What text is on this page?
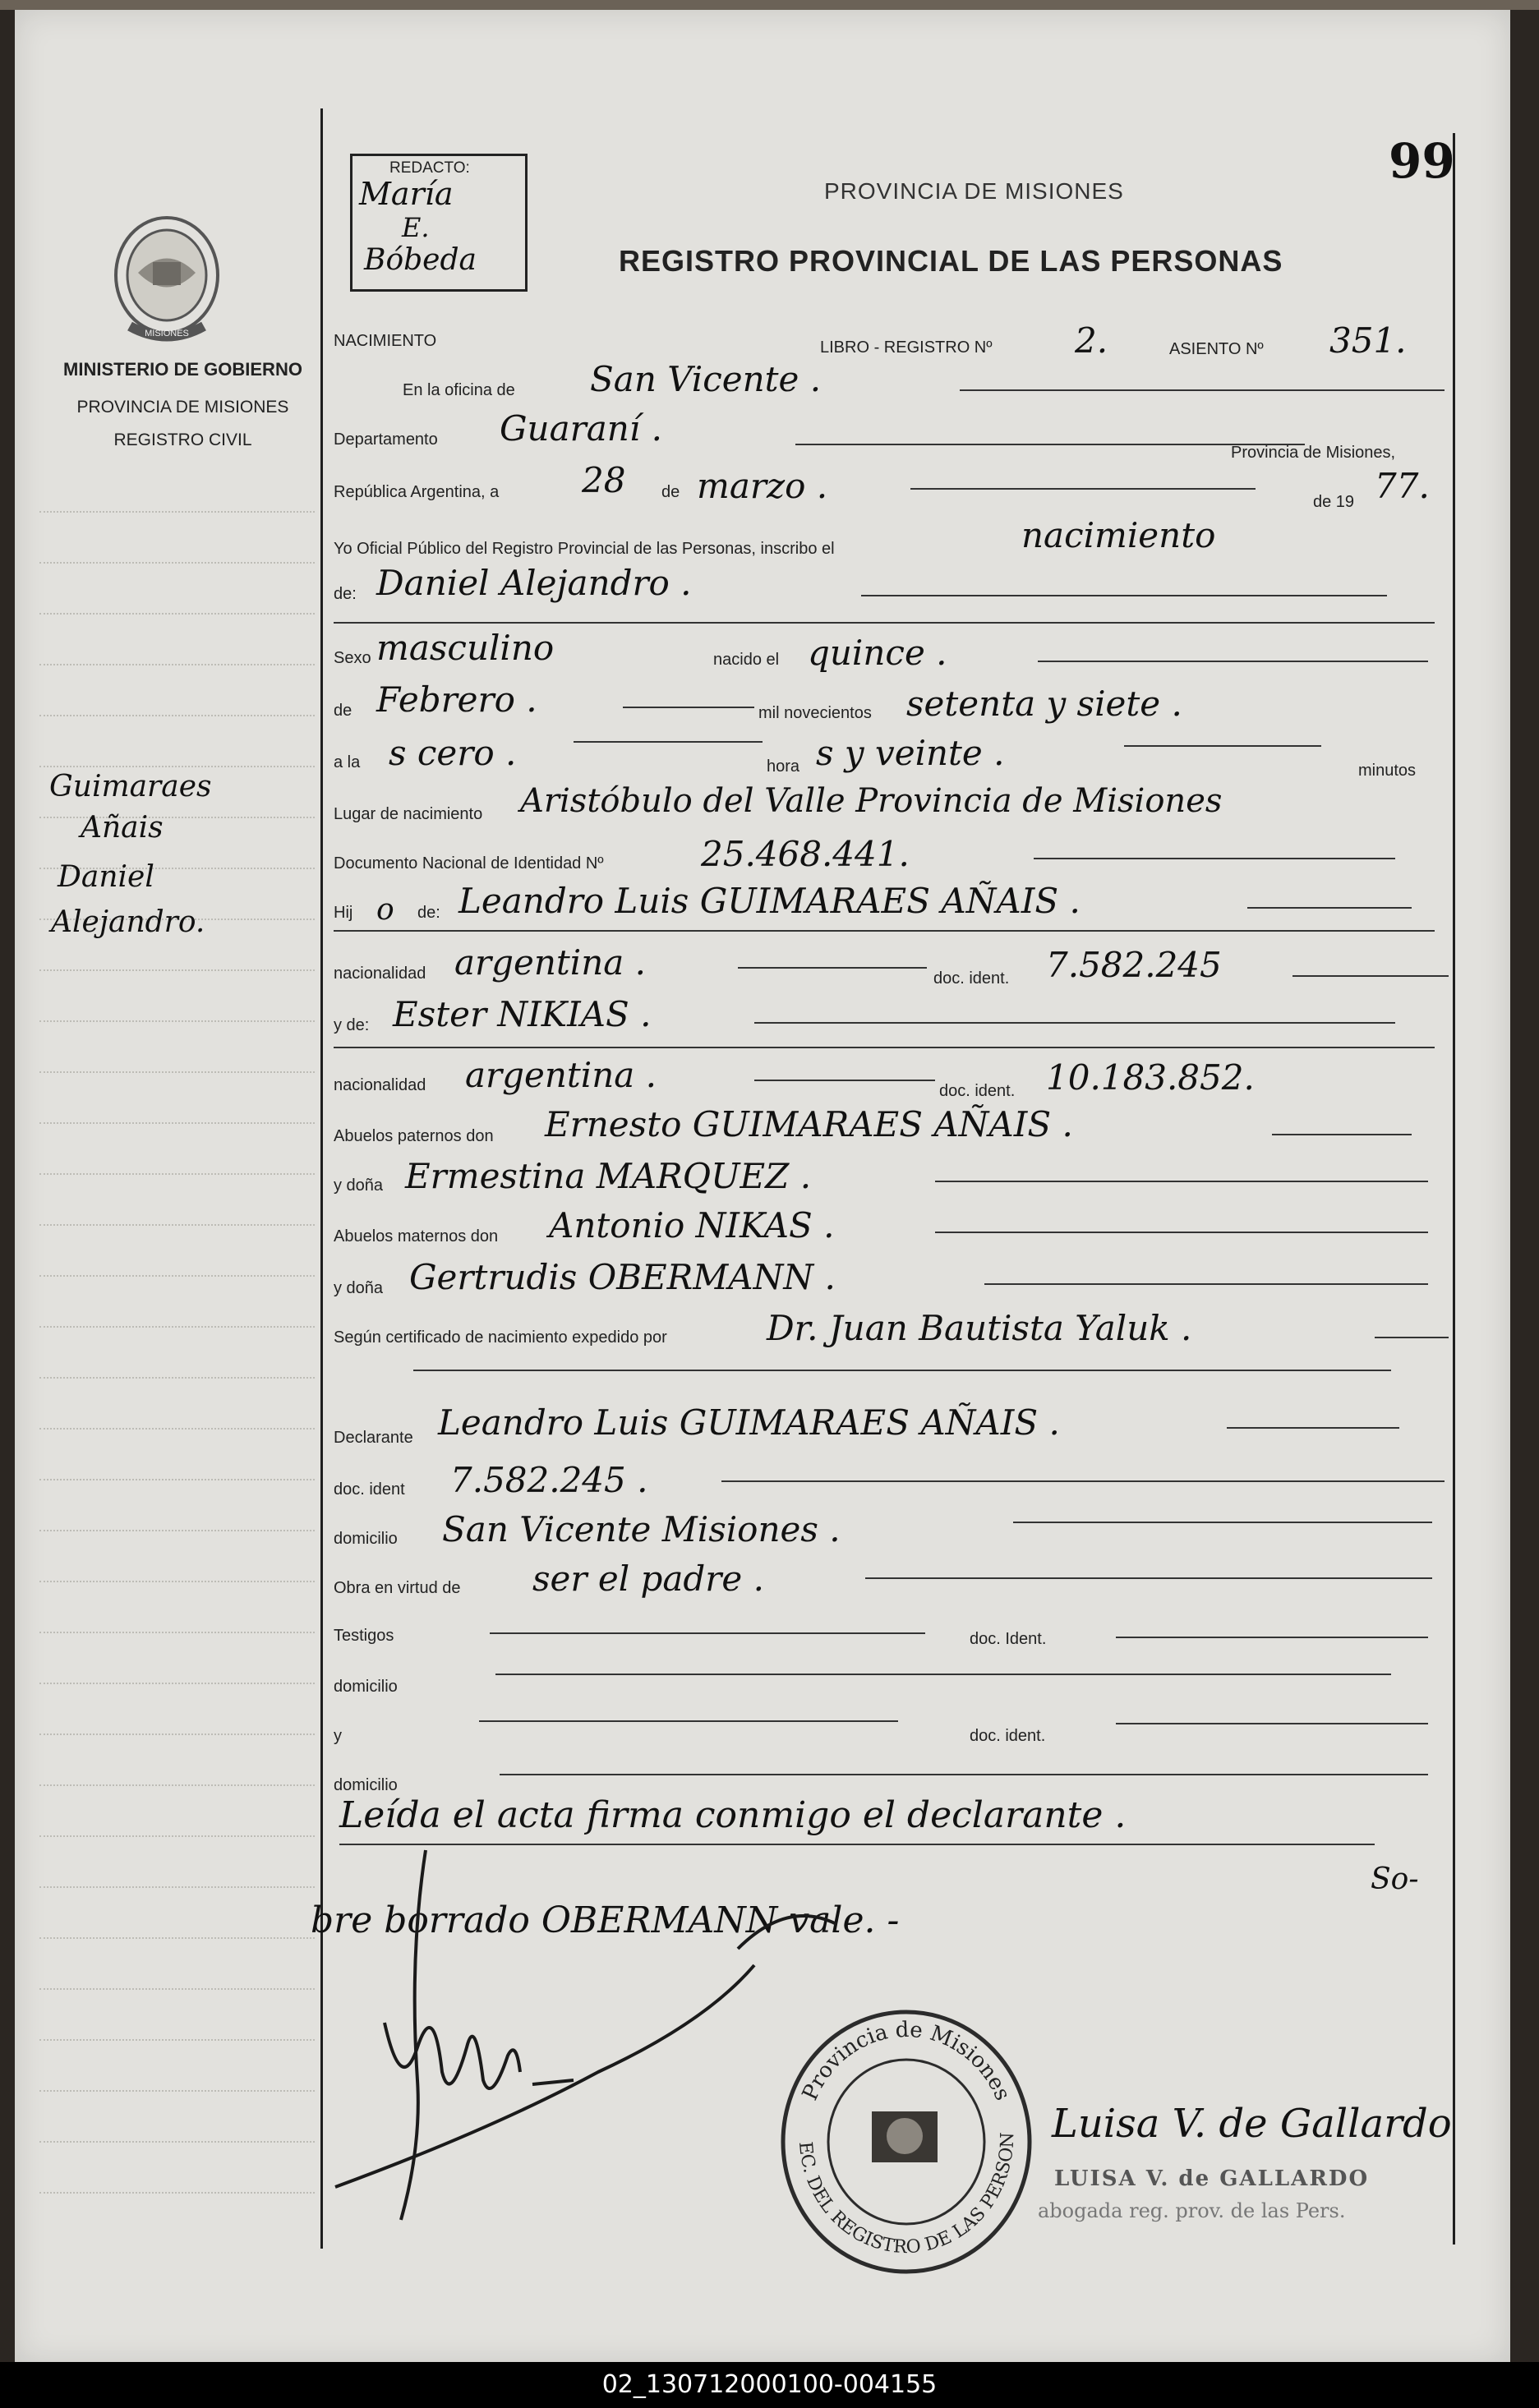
99
REDACTO:
María
E.
Bóbeda
PROVINCIA DE MISIONES
REGISTRO PROVINCIAL DE LAS PERSONAS
MISIONES
MINISTERIO DE GOBIERNO
PROVINCIA DE MISIONES
REGISTRO CIVIL
Guimaraes
Añais
Daniel
Alejandro.
NACIMIENTO	LIBRO - REGISTRO Nº 2.	ASIENTO Nº 351.
En la oficina de San Vicente .
Departamento Guaraní .
Provincia de Misiones,
República Argentina, a 28 de marzo .	de 19 77.
Yo Oficial Público del Registro Provincial de las Personas, inscribo el	nacimiento
de: Daniel Alejandro .
Sexo masculino	nacido el quince .
de Febrero .	mil novecientos setenta y siete .
a la s cero .	hora s y veinte .	minutos
Lugar de nacimiento Aristóbulo del Valle Provincia de Misiones
Documento Nacional de Identidad Nº	25.468.441.
Hij o de: Leandro Luis GUIMARAES AÑAIS .
nacionalidad argentina .	doc. ident. 7.582.245
y de: Ester NIKIAS .
nacionalidad argentina .	doc. ident. 10.183.852.
Abuelos paternos don Ernesto GUIMARAES AÑAIS .
y doña Ermestina MARQUEZ .
Abuelos maternos don Antonio NIKAS .
y doña Gertrudis OBERMANN .
Según certificado de nacimiento expedido por	Dr. Juan Bautista Yaluk .
Declarante Leandro Luis GUIMARAES AÑAIS .
doc. ident 7.582.245 .
domicilio San Vicente Misiones .
Obra en virtud de ser el padre .
Testigos	doc. Ident.
domicilio
y	doc. ident.
domicilio
Leída el acta firma conmigo el declarante .
So-
bre borrado OBERMANN vale. -
Provincia de Misiones
EC. DEL REGISTRO DE LAS PERSON Luisa V. de Gallardo
LUISA V. de GALLARDO
abogada reg. prov. de las Pers.
02_130712000100-004155
